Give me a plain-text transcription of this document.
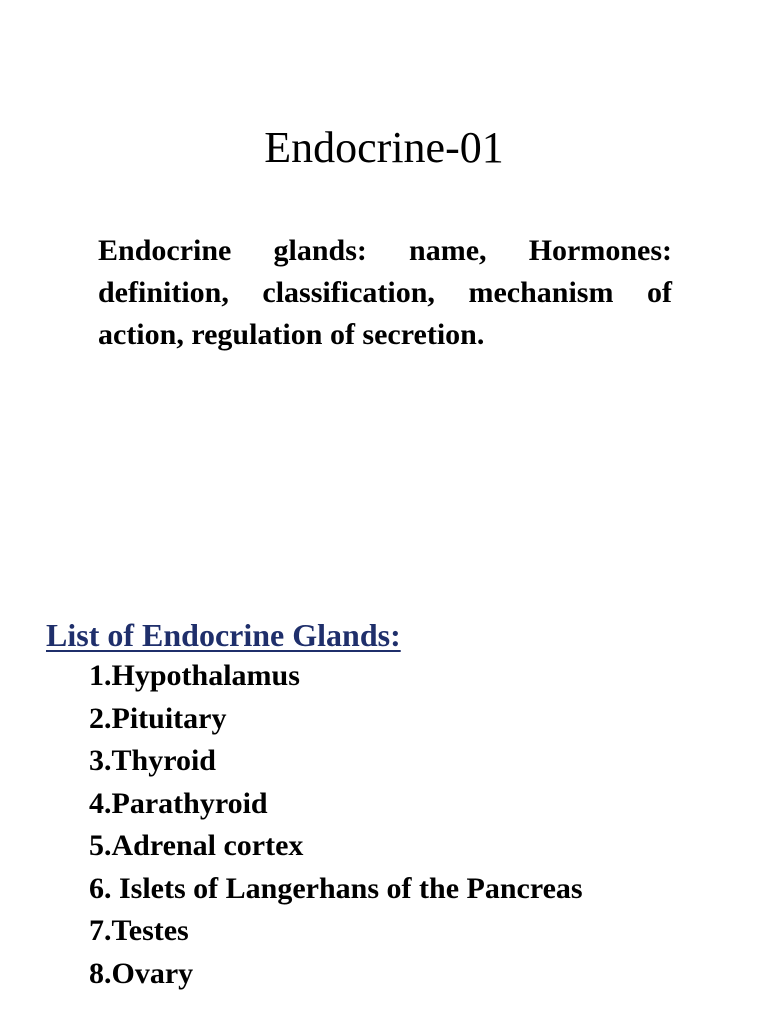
Endocrine-01

Endocrine glands: name, Hormones: definition, classification, mechanism of action, regulation of secretion.

List of Endocrine Glands:
1.Hypothalamus
2.Pituitary
3.Thyroid
4.Parathyroid
5.Adrenal cortex
6. Islets of Langerhans of the Pancreas
7.Testes
8.Ovary
